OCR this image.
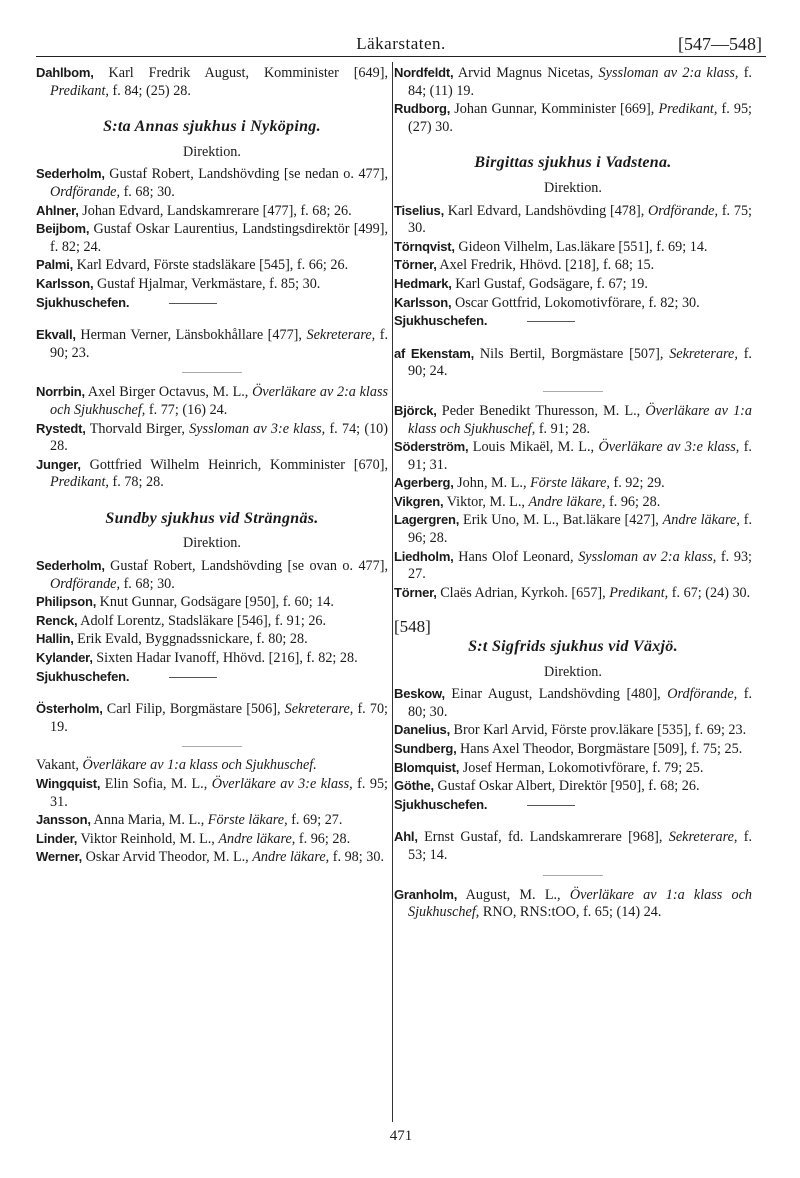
Läkarstaten.	[547—548]
Dahlbom, Karl Fredrik August, Komminister [649], Predikant, f. 84; (25) 28.
S:ta Annas sjukhus i Nyköping.
Direktion.
Sederholm, Gustaf Robert, Landshövding [se nedan o. 477], Ordförande, f. 68; 30.
Ahlner, Johan Edvard, Landskamrerare [477], f. 68; 26.
Beijbom, Gustaf Oskar Laurentius, Landstingsdirektör [499], f. 82; 24.
Palmi, Karl Edvard, Förste stadsläkare [545], f. 66; 26.
Karlsson, Gustaf Hjalmar, Verkmästare, f. 85; 30.
Sjukhuschefen.
Ekvall, Herman Verner, Länsbokhållare [477], Sekreterare, f. 90; 23.
Norrbin, Axel Birger Octavus, M. L., Överläkare av 2:a klass och Sjukhuschef, f. 77; (16) 24.
Rystedt, Thorvald Birger, Syssloman av 3:e klass, f. 74; (10) 28.
Junger, Gottfried Wilhelm Heinrich, Komminister [670], Predikant, f. 78; 28.
Sundby sjukhus vid Strängnäs.
Direktion.
Sederholm, Gustaf Robert, Landshövding [se ovan o. 477], Ordförande, f. 68; 30.
Philipson, Knut Gunnar, Godsägare [950], f. 60; 14.
Renck, Adolf Lorentz, Stadsläkare [546], f. 91; 26.
Hallin, Erik Evald, Byggnadssnickare, f. 80; 28.
Kylander, Sixten Hadar Ivanoff, Hhövd. [216], f. 82; 28.
Sjukhuschefen.
Österholm, Carl Filip, Borgmästare [506], Sekreterare, f. 70; 19.
Vakant, Överläkare av 1:a klass och Sjukhuschef.
Wingquist, Elin Sofia, M. L., Överläkare av 3:e klass, f. 95; 31.
Jansson, Anna Maria, M. L., Förste läkare, f. 69; 27.
Linder, Viktor Reinhold, M. L., Andre läkare, f. 96; 28.
Werner, Oskar Arvid Theodor, M. L., Andre läkare, f. 98; 30.
Nordfeldt, Arvid Magnus Nicetas, Syssloman av 2:a klass, f. 84; (11) 19.
Rudborg, Johan Gunnar, Komminister [669], Predikant, f. 95; (27) 30.
Birgittas sjukhus i Vadstena.
Direktion.
Tiselius, Karl Edvard, Landshövding [478], Ordförande, f. 75; 30.
Törnqvist, Gideon Vilhelm, Las.läkare [551], f. 69; 14.
Törner, Axel Fredrik, Hhövd. [218], f. 68; 15.
Hedmark, Karl Gustaf, Godsägare, f. 67; 19.
Karlsson, Oscar Gottfrid, Lokomotivförare, f. 82; 30.
Sjukhuschefen.
af Ekenstam, Nils Bertil, Borgmästare [507], Sekreterare, f. 90; 24.
Björck, Peder Benedikt Thuresson, M. L., Överläkare av 1:a klass och Sjukhuschef, f. 91; 28.
Söderström, Louis Mikaël, M. L., Överläkare av 3:e klass, f. 91; 31.
Agerberg, John, M. L., Förste läkare, f. 92; 29.
Vikgren, Viktor, M. L., Andre läkare, f. 96; 28.
Lagergren, Erik Uno, M. L., Bat.läkare [427], Andre läkare, f. 96; 28.
Liedholm, Hans Olof Leonard, Syssloman av 2:a klass, f. 93; 27.
Törner, Claës Adrian, Kyrkoh. [657], Predikant, f. 67; (24) 30.
[548]
S:t Sigfrids sjukhus vid Växjö.
Direktion.
Beskow, Einar August, Landshövding [480], Ordförande, f. 80; 30.
Danelius, Bror Karl Arvid, Förste prov.läkare [535], f. 69; 23.
Sundberg, Hans Axel Theodor, Borgmästare [509], f. 75; 25.
Blomquist, Josef Herman, Lokomotivförare, f. 79; 25.
Göthe, Gustaf Oskar Albert, Direktör [950], f. 68; 26.
Sjukhuschefen.
Ahl, Ernst Gustaf, fd. Landskamrerare [968], Sekreterare, f. 53; 14.
Granholm, August, M. L., Överläkare av 1:a klass och Sjukhuschef, RNO, RNS:tOO, f. 65; (14) 24.
471
